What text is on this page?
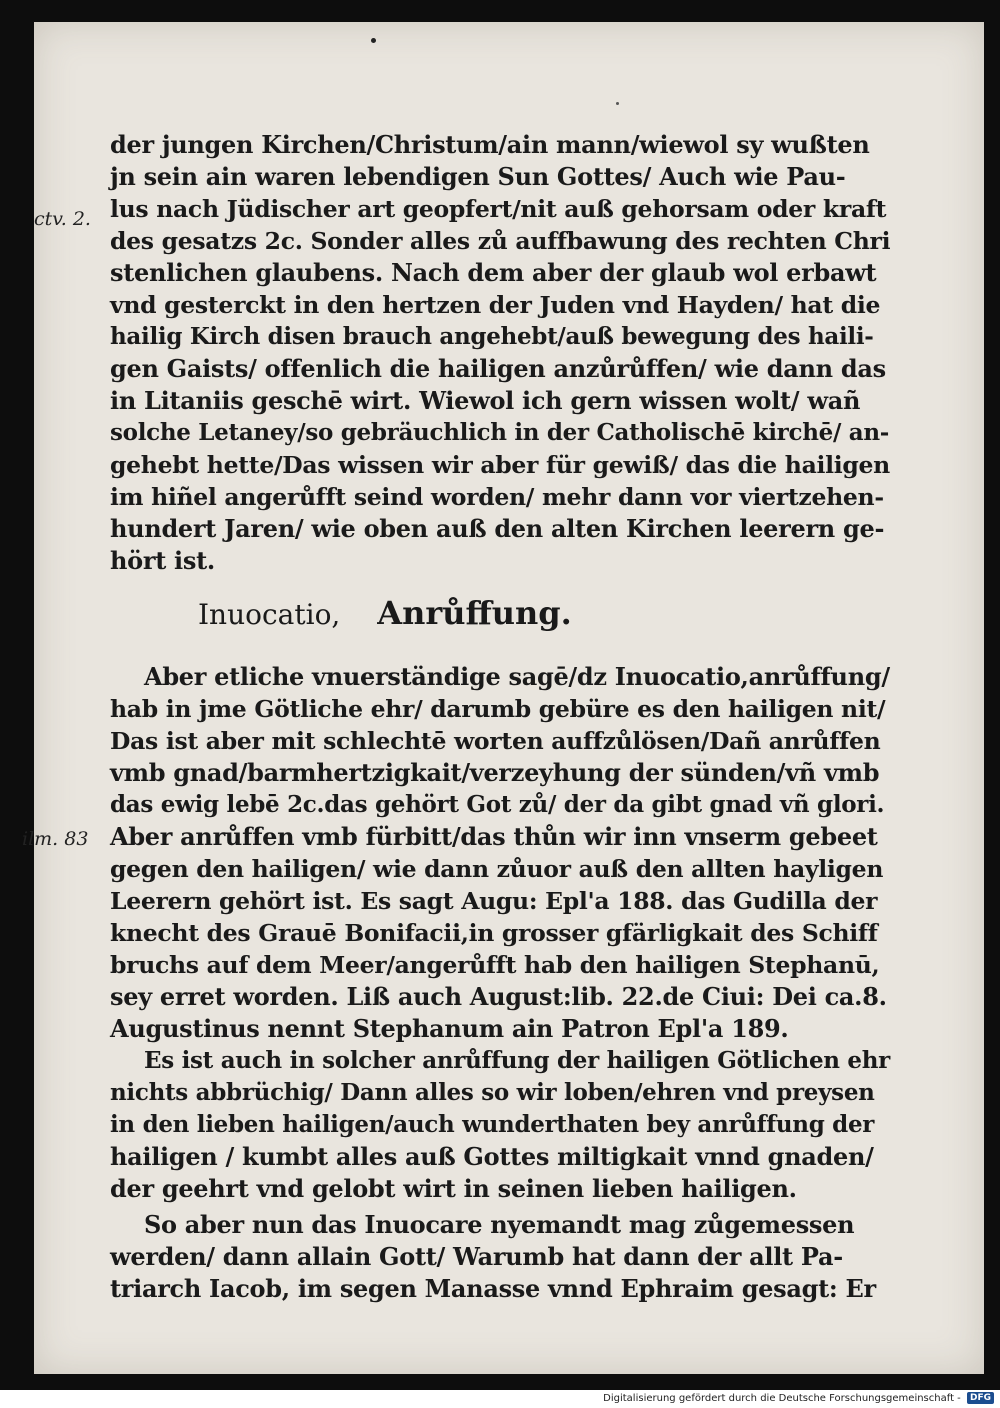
ctv. 2.
ilm. 83
der jungen Kirchen/Christum/ain mann/wiewol sy wußten
jn sein ain waren lebendigen Sun Gottes/ Auch wie Pau-
lus nach Jüdischer art geopfert/nit auß gehorsam oder kraft
des gesatzs 2c. Sonder alles zů auffbawung des rechten Chri
stenlichen glaubens. Nach dem aber der glaub wol erbawt
vnd gesterckt in den hertzen der Juden vnd Hayden/ hat die
hailig Kirch disen brauch angehebt/auß bewegung des haili-
gen Gaists/ offenlich die hailigen anzůrůffen/ wie dann das
in Litaniis geschē wirt. Wiewol ich gern wissen wolt/ wañ
solche Letaney/so gebräuchlich in der Catholischē kirchē/ an-
gehebt hette/Das wissen wir aber für gewiß/ das die hailigen
im hiñel angerůfft seind worden/ mehr dann vor viertzehen-
hundert Jaren/ wie oben auß den alten Kirchen leerern ge-
hört ist.
Inuocatio, Anrůffung.
Aber etliche vnuerständige sagē/dz Inuocatio,anrůffung/
hab in jme Götliche ehr/ darumb gebüre es den hailigen nit/
Das ist aber mit schlechtē worten auffzůlösen/Dañ anrůffen
vmb gnad/barmhertzigkait/verzeyhung der sünden/vñ vmb
das ewig lebē 2c.das gehört Got zů/ der da gibt gnad vñ glori.
Aber anrůffen vmb fürbitt/das thůn wir inn vnserm gebeet
gegen den hailigen/ wie dann zůuor auß den allten hayligen
Leerern gehört ist. Es sagt Augu: Epl'a 188. das Gudilla der
knecht des Grauē Bonifacii,in grosser gfärligkait des Schiff
bruchs auf dem Meer/angerůfft hab den hailigen Stephanū,
sey erret worden. Liß auch August:lib. 22.de Ciui: Dei ca.8.
Augustinus nennt Stephanum ain Patron Epl'a 189.
Es ist auch in solcher anrůffung der hailigen Götlichen ehr
nichts abbrüchig/ Dann alles so wir loben/ehren vnd preysen
in den lieben hailigen/auch wunderthaten bey anrůffung der
hailigen / kumbt alles auß Gottes miltigkait vnnd gnaden/
der geehrt vnd gelobt wirt in seinen lieben hailigen.
So aber nun das Inuocare nyemandt mag zůgemessen
werden/ dann allain Gott/ Warumb hat dann der allt Pa-
triarch Iacob, im segen Manasse vnnd Ephraim gesagt: Er
Digitalisierung gefördert durch die Deutsche Forschungsgemeinschaft - DFG
